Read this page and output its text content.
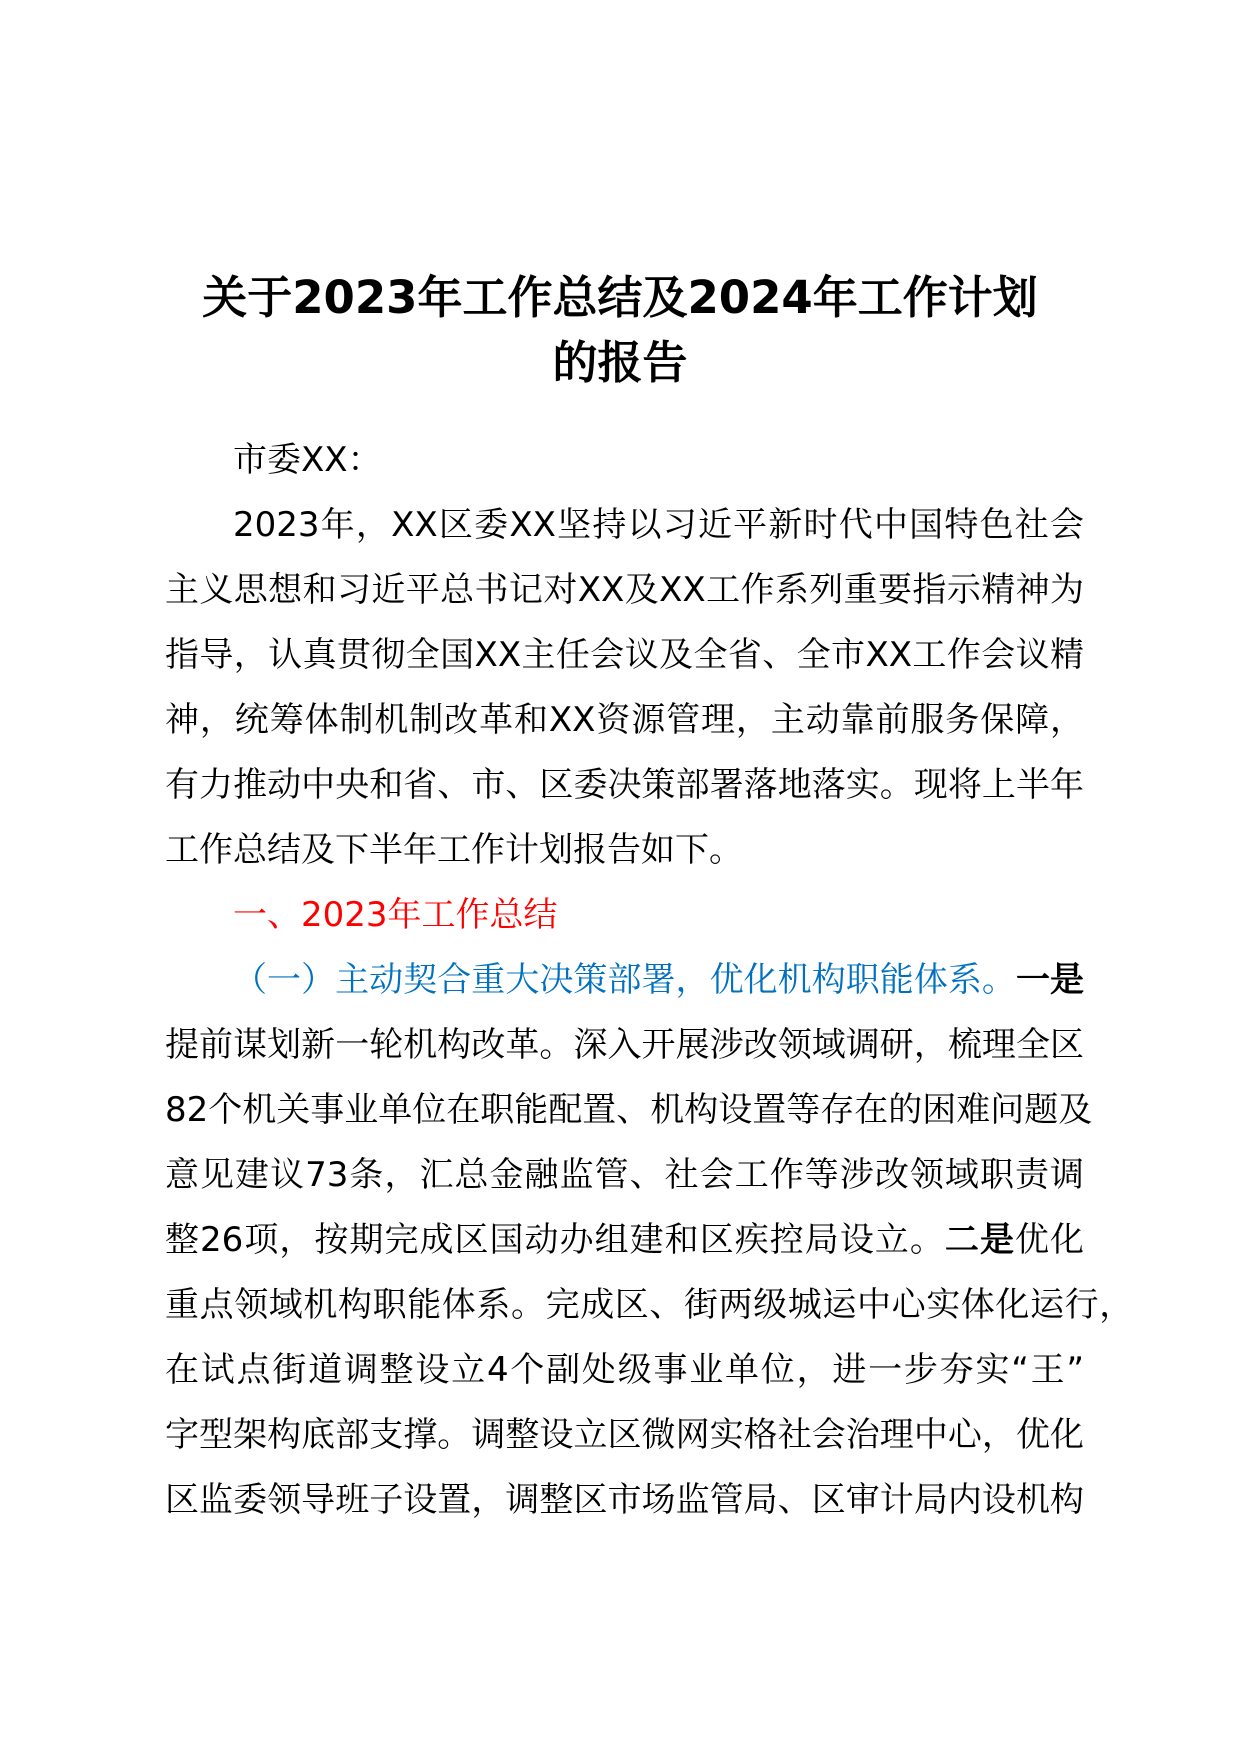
关于2023年工作总结及2024年工作计划
的报告
市委XX：
2023年，XX区委XX坚持以习近平新时代中国特色社会
主义思想和习近平总书记对XX及XX工作系列重要指示精神为
指导，认真贯彻全国XX主任会议及全省、全市XX工作会议精
神，统筹体制机制改革和XX资源管理，主动靠前服务保障，
有力推动中央和省、市、区委决策部署落地落实。现将上半年
工作总结及下半年工作计划报告如下。
一、2023年工作总结
（一）主动契合重大决策部署，优化机构职能体系。一是
提前谋划新一轮机构改革。深入开展涉改领域调研，梳理全区
82个机关事业单位在职能配置、机构设置等存在的困难问题及
意见建议73条，汇总金融监管、社会工作等涉改领域职责调
整26项，按期完成区国动办组建和区疾控局设立。二是优化
重点领域机构职能体系。完成区、街两级城运中心实体化运行，
在试点街道调整设立4个副处级事业单位，进一步夯实“王”
字型架构底部支撑。调整设立区微网实格社会治理中心，优化
区监委领导班子设置，调整区市场监管局、区审计局内设机构
